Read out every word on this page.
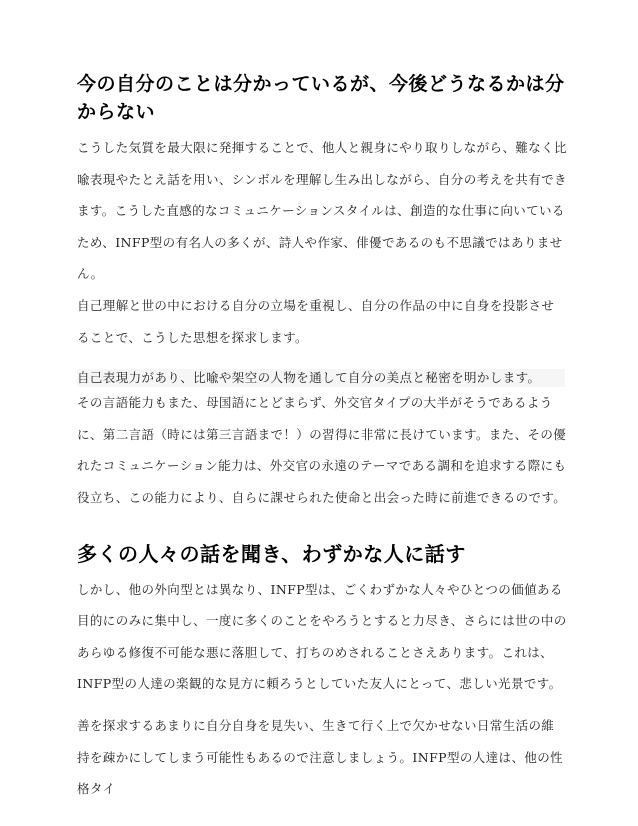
今の自分のことは分かっているが、今後どうなるかは分からない

こうした気質を最大限に発揮することで、他人と親身にやり取りしながら、難なく比喩表現やたとえ話を用い、シンボルを理解し生み出しながら、自分の考えを共有できます。こうした直感的なコミュニケーションスタイルは、創造的な仕事に向いているため、INFP型の有名人の多くが、詩人や作家、俳優であるのも不思議ではありません。

自己理解と世の中における自分の立場を重視し、自分の作品の中に自身を投影させることで、こうした思想を探求します。

自己表現力があり、比喩や架空の人物を通して自分の美点と秘密を明かします。

その言語能力もまた、母国語にとどまらず、外交官タイプの大半がそうであるように、第二言語（時には第三言語まで！）の習得に非常に長けています。また、その優れたコミュニケーション能力は、外交官の永遠のテーマである調和を追求する際にも役立ち、この能力により、自らに課せられた使命と出会った時に前進できるのです。

多くの人々の話を聞き、わずかな人に話す

しかし、他の外向型とは異なり、INFP型は、ごくわずかな人々やひとつの価値ある目的にのみに集中し、一度に多くのことをやろうとすると力尽き、さらには世の中のあらゆる修復不可能な悪に落胆して、打ちのめされることさえあります。これは、INFP型の人達の楽観的な見方に頼ろうとしていた友人にとって、悲しい光景です。

善を探求するあまりに自分自身を見失い、生きて行く上で欠かせない日常生活の維持を疎かにしてしまう可能性もあるので注意しましょう。INFP型の人達は、他の性格タイ
